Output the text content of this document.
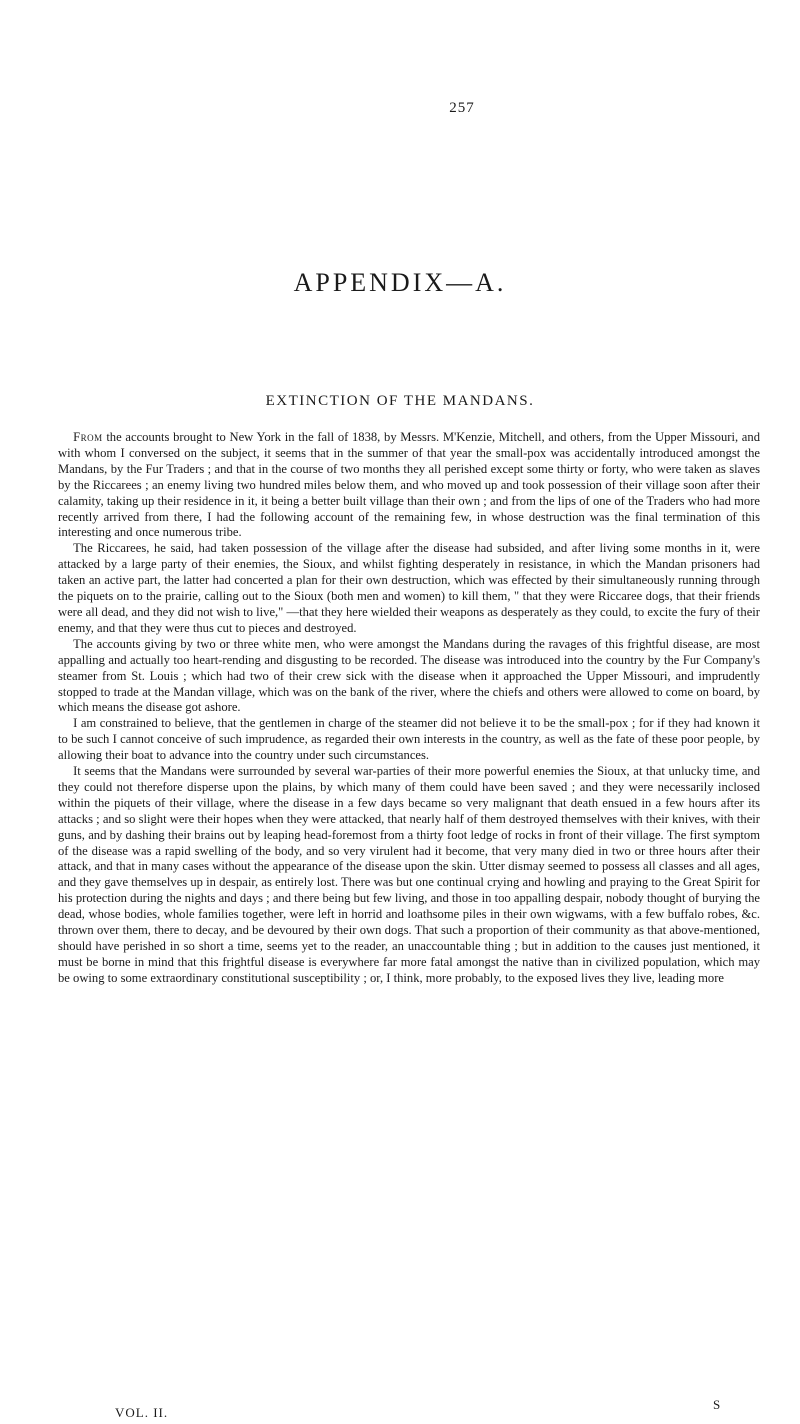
257
APPENDIX—A.
EXTINCTION OF THE MANDANS.

From the accounts brought to New York in the fall of 1838, by Messrs. M'Kenzie, Mitchell, and others, from the Upper Missouri, and with whom I conversed on the subject, it seems that in the summer of that year the small-pox was accidentally introduced amongst the Mandans, by the Fur Traders ; and that in the course of two months they all perished except some thirty or forty, who were taken as slaves by the Riccarees ; an enemy living two hundred miles below them, and who moved up and took possession of their village soon after their calamity, taking up their residence in it, it being a better built village than their own ; and from the lips of one of the Traders who had more recently arrived from there, I had the following account of the remaining few, in whose destruction was the final termination of this interesting and once numerous tribe.

The Riccarees, he said, had taken possession of the village after the disease had subsided, and after living some months in it, were attacked by a large party of their enemies, the Sioux, and whilst fighting desperately in resistance, in which the Mandan prisoners had taken an active part, the latter had concerted a plan for their own destruction, which was effected by their simultaneously running through the piquets on to the prairie, calling out to the Sioux (both men and women) to kill them, " that they were Riccaree dogs, that their friends were all dead, and they did not wish to live," —that they here wielded their weapons as desperately as they could, to excite the fury of their enemy, and that they were thus cut to pieces and destroyed.

The accounts giving by two or three white men, who were amongst the Mandans during the ravages of this frightful disease, are most appalling and actually too heart-rending and disgusting to be recorded. The disease was introduced into the country by the Fur Company's steamer from St. Louis ; which had two of their crew sick with the disease when it approached the Upper Missouri, and imprudently stopped to trade at the Mandan village, which was on the bank of the river, where the chiefs and others were allowed to come on board, by which means the disease got ashore.

I am constrained to believe, that the gentlemen in charge of the steamer did not believe it to be the small-pox ; for if they had known it to be such I cannot conceive of such imprudence, as regarded their own interests in the country, as well as the fate of these poor people, by allowing their boat to advance into the country under such circumstances.

It seems that the Mandans were surrounded by several war-parties of their more powerful enemies the Sioux, at that unlucky time, and they could not therefore disperse upon the plains, by which many of them could have been saved ; and they were necessarily inclosed within the piquets of their village, where the disease in a few days became so very malignant that death ensued in a few hours after its attacks ; and so slight were their hopes when they were attacked, that nearly half of them destroyed themselves with their knives, with their guns, and by dashing their brains out by leaping head-foremost from a thirty foot ledge of rocks in front of their village. The first symptom of the disease was a rapid swelling of the body, and so very virulent had it become, that very many died in two or three hours after their attack, and that in many cases without the appearance of the disease upon the skin. Utter dismay seemed to possess all classes and all ages, and they gave themselves up in despair, as entirely lost. There was but one continual crying and howling and praying to the Great Spirit for his protection during the nights and days ; and there being but few living, and those in too appalling despair, nobody thought of burying the dead, whose bodies, whole families together, were left in horrid and loathsome piles in their own wigwams, with a few buffalo robes, &c. thrown over them, there to decay, and be devoured by their own dogs. That such a proportion of their community as that above-mentioned, should have perished in so short a time, seems yet to the reader, an unaccountable thing ; but in addition to the causes just mentioned, it must be borne in mind that this frightful disease is everywhere far more fatal amongst the native than in civilized population, which may be owing to some extraordinary constitutional susceptibility ; or, I think, more probably, to the exposed lives they live, leading more

VOL. II.
S
